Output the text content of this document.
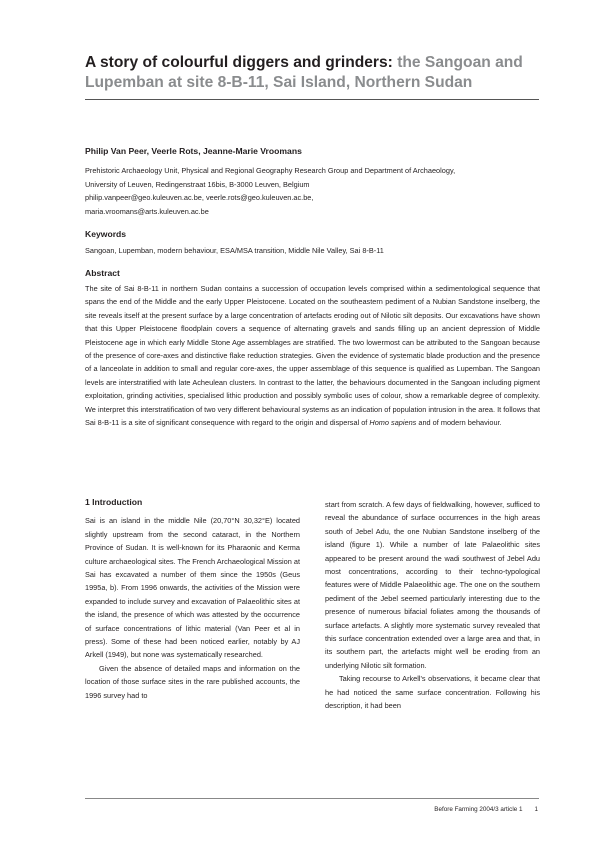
A story of colourful diggers and grinders: the Sangoan and Lupemban at site 8-B-11, Sai Island, Northern Sudan

Philip Van Peer, Veerle Rots, Jeanne-Marie Vroomans

Prehistoric Archaeology Unit, Physical and Regional Geography Research Group and Department of Archaeology,
University of Leuven, Redingenstraat 16bis, B-3000 Leuven, Belgium
philip.vanpeer@geo.kuleuven.ac.be, veerle.rots@geo.kuleuven.ac.be,
maria.vroomans@arts.kuleuven.ac.be
Keywords

Sangoan, Lupemban, modern behaviour, ESA/MSA transition, Middle Nile Valley, Sai 8-B-11

Abstract

The site of Sai 8-B-11 in northern Sudan contains a succession of occupation levels comprised within a sedimentological sequence that spans the end of the Middle and the early Upper Pleistocene. Located on the southeastern pediment of a Nubian Sandstone inselberg, the site reveals itself at the present surface by a large concentration of artefacts eroding out of Nilotic silt deposits. Our excavations have shown that this Upper Pleistocene floodplain covers a sequence of alternating gravels and sands filling up an ancient depression of Middle Pleistocene age in which early Middle Stone Age assemblages are stratified. The two lowermost can be attributed to the Sangoan because of the presence of core-axes and distinctive flake reduction strategies. Given the evidence of systematic blade production and the presence of a lanceolate in addition to small and regular core-axes, the upper assemblage of this sequence is qualified as Lupemban. The Sangoan levels are interstratified with late Acheulean clusters. In contrast to the latter, the behaviours documented in the Sangoan including pigment exploitation, grinding activities, specialised lithic production and possibly symbolic uses of colour, show a remarkable degree of complexity. We interpret this interstratification of two very different behavioural systems as an indication of population intrusion in the area. It follows that Sai 8-B-11 is a site of significant consequence with regard to the origin and dispersal of Homo sapiens and of modern behaviour.

1 Introduction

Sai is an island in the middle Nile (20,70°N 30,32°E) located slightly upstream from the second cataract, in the Northern Province of Sudan. It is well-known for its Pharaonic and Kerma culture archaeological sites. The French Archaeological Mission at Sai has excavated a number of them since the 1950s (Geus 1995a, b). From 1996 onwards, the activities of the Mission were expanded to include survey and excavation of Palaeolithic sites at the island, the presence of which was attested by the occurrence of surface concentrations of lithic material (Van Peer et al in press). Some of these had been noticed earlier, notably by AJ Arkell (1949), but none was systematically researched.

Given the absence of detailed maps and information on the location of those surface sites in the rare published accounts, the 1996 survey had to

start from scratch. A few days of fieldwalking, however, sufficed to reveal the abundance of surface occurrences in the high areas south of Jebel Adu, the one Nubian Sandstone inselberg of the island (figure 1). While a number of late Palaeolithic sites appeared to be present around the wadi southwest of Jebel Adu most concentrations, according to their techno-typological features were of Middle Palaeolithic age. The one on the southern pediment of the Jebel seemed particularly interesting due to the presence of numerous bifacial foliates among the thousands of surface artefacts. A slightly more systematic survey revealed that this surface concentration extended over a large area and that, in its southern part, the artefacts might well be eroding from an underlying Nilotic silt formation.

Taking recourse to Arkell's observations, it became clear that he had noticed the same surface concentration. Following his description, it had been

Before Farming 2004/3 article 1 1
